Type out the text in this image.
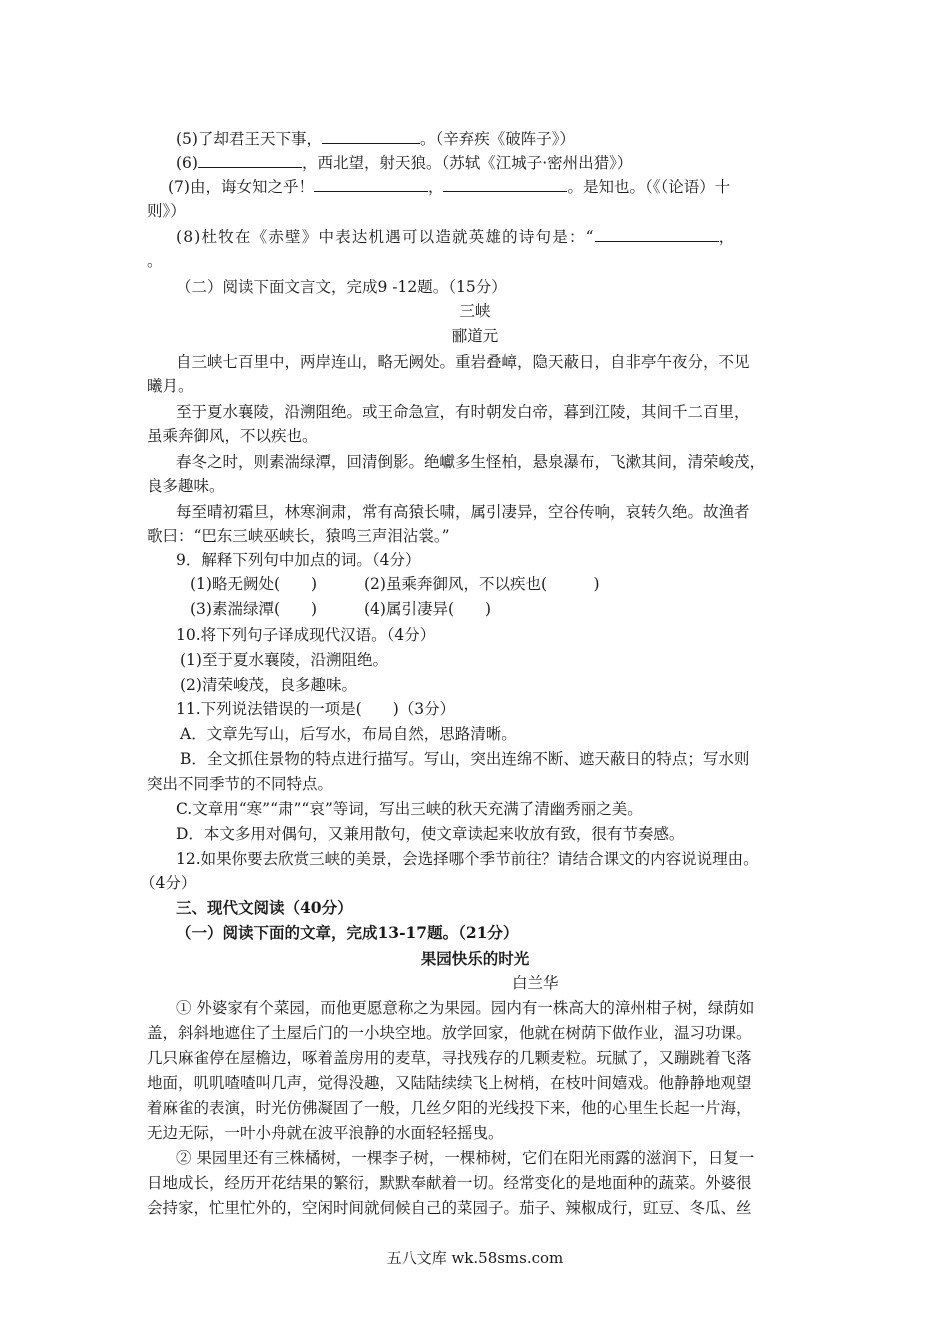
(5)了却君王天下事，	。（辛弃疾《破阵子》）
(6)	，西北望，射天狼。（苏轼《江城子·密州出猎》）
(7)由，诲女知之乎！	，	。是知也。（《（论语）十
则》）
(8)杜牧在《赤壁》中表达机遇可以造就英雄的诗句是：“	，
。
（二）阅读下面文言文，完成9 -12题。（15分）
三峡
郦道元
自三峡七百里中，两岸连山，略无阙处。重岩叠嶂，隐天蔽日，自非亭午夜分，不见
曦月。
至于夏水襄陵，沿溯阻绝。或王命急宣，有时朝发白帝，暮到江陵，其间千二百里，
虽乘奔御风，不以疾也。
春冬之时，则素湍绿潭，回清倒影。绝巘多生怪柏，悬泉瀑布，飞漱其间，清荣峻茂，
良多趣味。
每至晴初霜旦，林寒涧肃，常有高猿长啸，属引凄异，空谷传响，哀转久绝。故渔者
歌曰：“巴东三峡巫峡长，猿鸣三声泪沾裳。”
9．解释下列句中加点的词。（4分）
(1)略无阙处(　　)	(2)虽乘奔御风，不以疾也(　　　)
(3)素湍绿潭(　　)	(4)属引凄异(　　)
10.将下列句子译成现代汉语。（4分）
(1)至于夏水襄陵，沿溯阻绝。
(2)清荣峻茂，良多趣味。
11.下列说法错误的一项是(　　)（3分）
A．文章先写山，后写水，布局自然，思路清晰。
B．全文抓住景物的特点进行描写。写山，突出连绵不断、遮天蔽日的特点；写水则
突出不同季节的不同特点。
C.文章用“寒”“肃”“哀”等词，写出三峡的秋天充满了清幽秀丽之美。
D．本文多用对偶句，又兼用散句，使文章读起来收放有致，很有节奏感。
12.如果你要去欣赏三峡的美景，会选择哪个季节前往？请结合课文的内容说说理由。
（4分）
三、现代文阅读（40分）
（一）阅读下面的文章，完成13-17题。（21分）
果园快乐的时光
白兰华
① 外婆家有个菜园，而他更愿意称之为果园。园内有一株高大的漳州柑子树，绿荫如
盖，斜斜地遮住了土屋后门的一小块空地。放学回家，他就在树荫下做作业，温习功课。
几只麻雀停在屋檐边，啄着盖房用的麦草，寻找残存的几颗麦粒。玩腻了，又蹦跳着飞落
地面，叽叽喳喳叫几声，觉得没趣，又陆陆续续飞上树梢，在枝叶间嬉戏。他静静地观望
着麻雀的表演，时光仿佛凝固了一般，几丝夕阳的光线投下来，他的心里生长起一片海，
无边无际，一叶小舟就在波平浪静的水面轻轻摇曳。
② 果园里还有三株橘树，一棵李子树，一棵柿树，它们在阳光雨露的滋润下，日复一
日地成长，经历开花结果的繁衍，默默奉献着一切。经常变化的是地面种的蔬菜。外婆很
会持家，忙里忙外的，空闲时间就伺候自己的菜园子。茄子、辣椒成行，豇豆、冬瓜、丝
五八文库 wk.58sms.com
